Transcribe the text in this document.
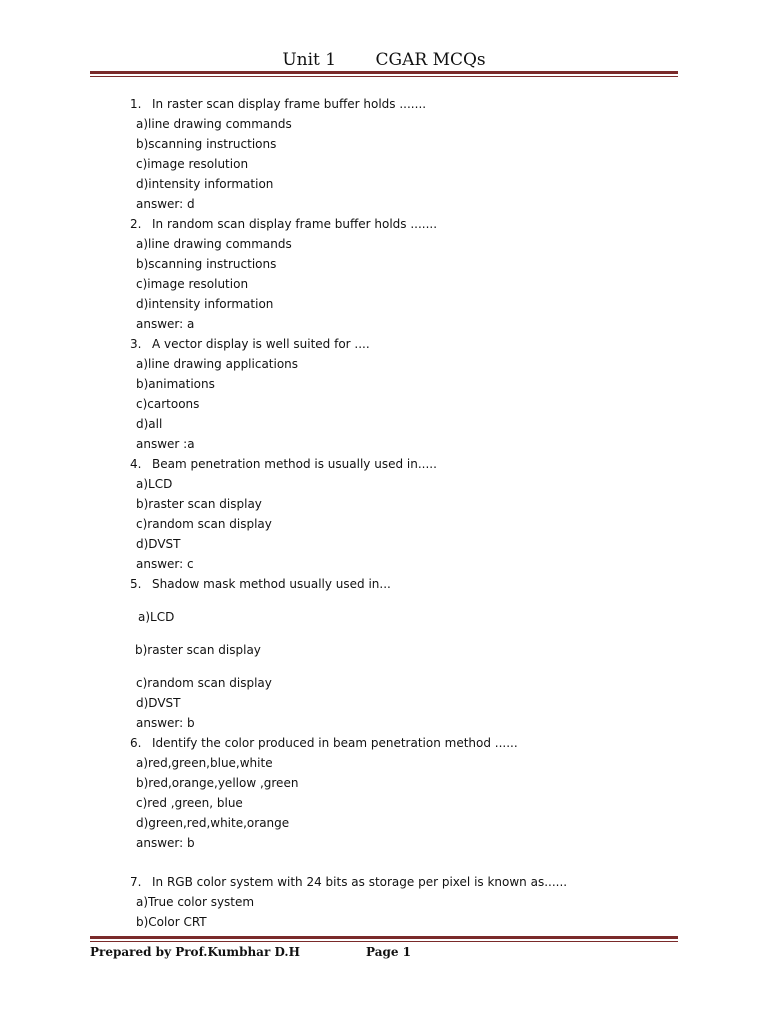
Unit 1 CGAR MCQs
1. In raster scan display frame buffer holds .......
a)line drawing commands
b)scanning instructions
c)image resolution
d)intensity information
answer: d
2. In random scan display frame buffer holds .......
a)line drawing commands
b)scanning instructions
c)image resolution
d)intensity information
answer: a
3. A vector display is well suited for ....
a)line drawing applications
b)animations
c)cartoons
d)all
answer :a
4. Beam penetration method is usually used in.....
a)LCD
b)raster scan display
c)random scan display
d)DVST
answer: c
5. Shadow mask method usually used in...
a)LCD
b)raster scan display
c)random scan display
d)DVST
answer: b
6. Identify the color produced in beam penetration method ......
a)red,green,blue,white
b)red,orange,yellow ,green
c)red ,green, blue
d)green,red,white,orange
answer: b
7. In RGB color system with 24 bits as storage per pixel is known as......
a)True color system
b)Color CRT
Prepared by Prof.Kumbhar D.H	Page 1
